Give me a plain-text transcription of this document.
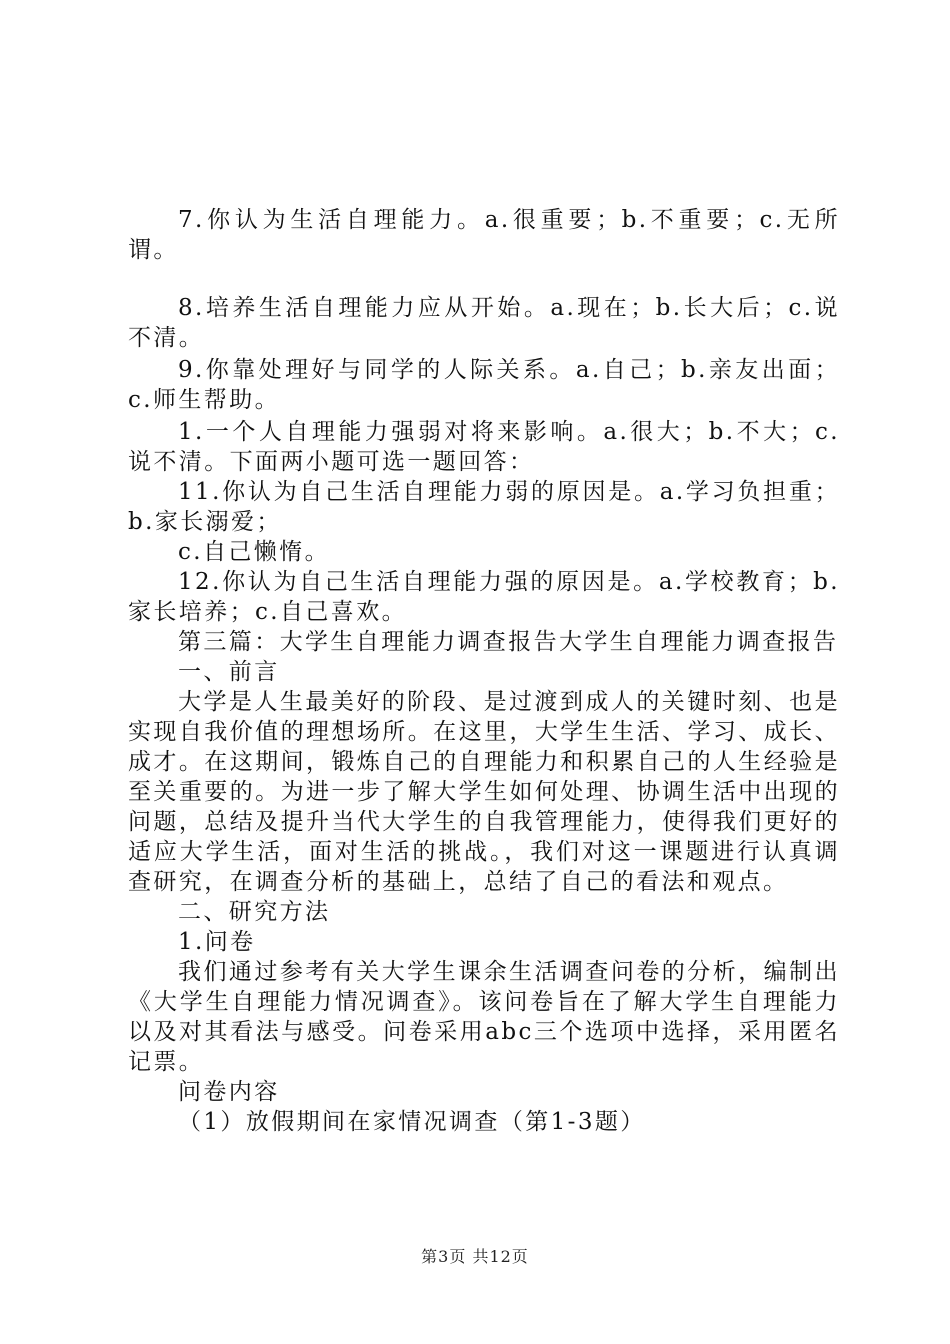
7.你认为生活自理能力。a.很重要；b.不重要；c.无所谓。

8.培养生活自理能力应从开始。a.现在；b.长大后；c.说不清。

9.你靠处理好与同学的人际关系。a.自己；b.亲友出面；c.师生帮助。

1.一个人自理能力强弱对将来影响。a.很大；b.不大；c.说不清。下面两小题可选一题回答：

11.你认为自己生活自理能力弱的原因是。a.学习负担重；b.家长溺爱；

c.自己懒惰。

12.你认为自己生活自理能力强的原因是。a.学校教育；b.家长培养；c.自己喜欢。

第三篇：大学生自理能力调查报告大学生自理能力调查报告

一、前言

大学是人生最美好的阶段、是过渡到成人的关键时刻、也是实现自我价值的理想场所。在这里，大学生生活、学习、成长、成才。在这期间，锻炼自己的自理能力和积累自己的人生经验是至关重要的。为进一步了解大学生如何处理、协调生活中出现的问题，总结及提升当代大学生的自我管理能力，使得我们更好的适应大学生活，面对生活的挑战。，我们对这一课题进行认真调查研究，在调查分析的基础上，总结了自己的看法和观点。

二、研究方法

1.问卷

我们通过参考有关大学生课余生活调查问卷的分析，编制出《大学生自理能力情况调查》。该问卷旨在了解大学生自理能力以及对其看法与感受。问卷采用abc三个选项中选择，采用匿名记票。

问卷内容

（1）放假期间在家情况调查（第1-3题）

第3页 共12页
